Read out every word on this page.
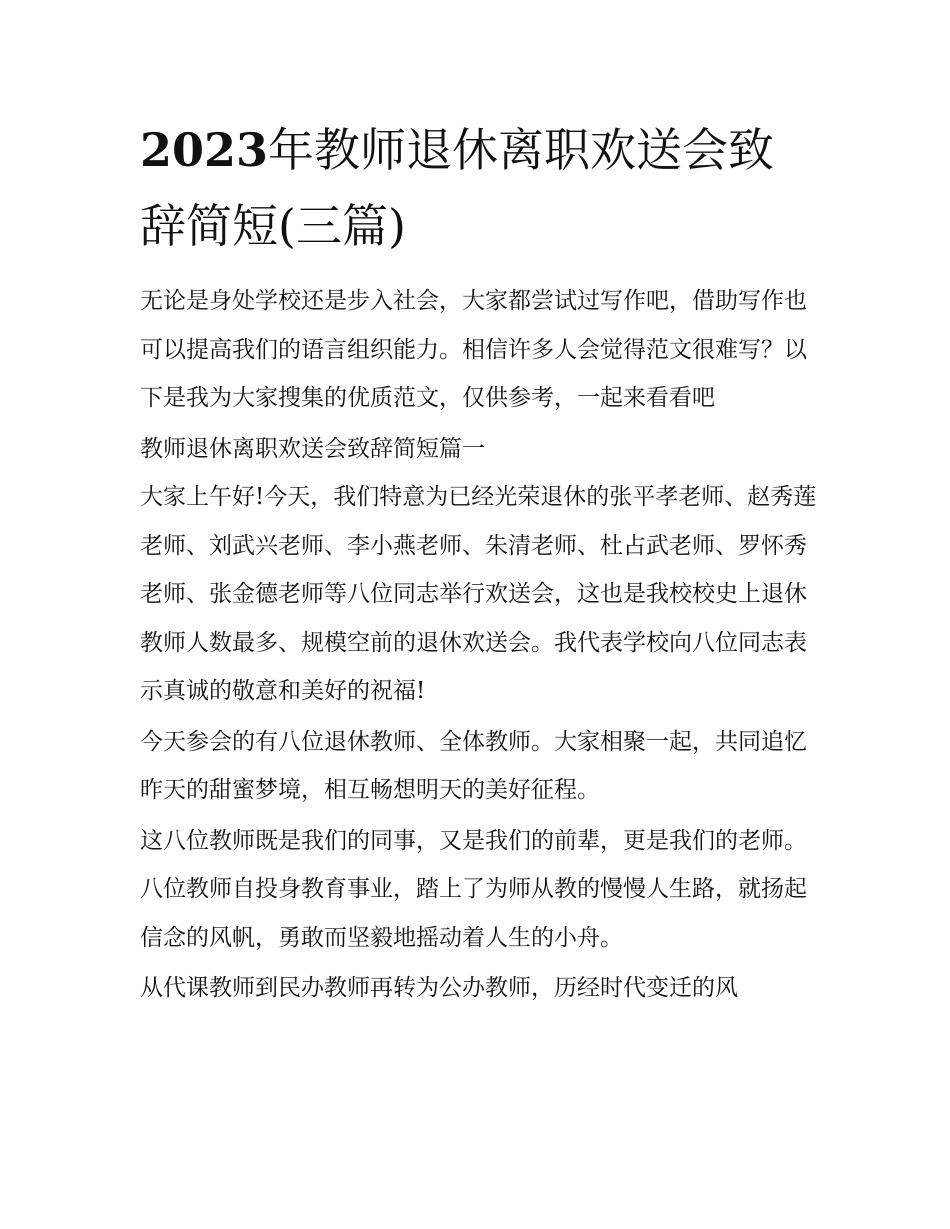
2023年教师退休离职欢送会致辞简短(三篇)

无论是身处学校还是步入社会，大家都尝试过写作吧，借助写作也可以提高我们的语言组织能力。相信许多人会觉得范文很难写？以下是我为大家搜集的优质范文，仅供参考，一起来看看吧

教师退休离职欢送会致辞简短篇一

大家上午好!今天，我们特意为已经光荣退休的张平孝老师、赵秀莲老师、刘武兴老师、李小燕老师、朱清老师、杜占武老师、罗怀秀老师、张金德老师等八位同志举行欢送会，这也是我校校史上退休教师人数最多、规模空前的退休欢送会。我代表学校向八位同志表示真诚的敬意和美好的祝福!

今天参会的有八位退休教师、全体教师。大家相聚一起，共同追忆昨天的甜蜜梦境，相互畅想明天的美好征程。

这八位教师既是我们的同事，又是我们的前辈，更是我们的老师。八位教师自投身教育事业，踏上了为师从教的慢慢人生路，就扬起信念的风帆，勇敢而坚毅地摇动着人生的小舟。

从代课教师到民办教师再转为公办教师，历经时代变迁的风
